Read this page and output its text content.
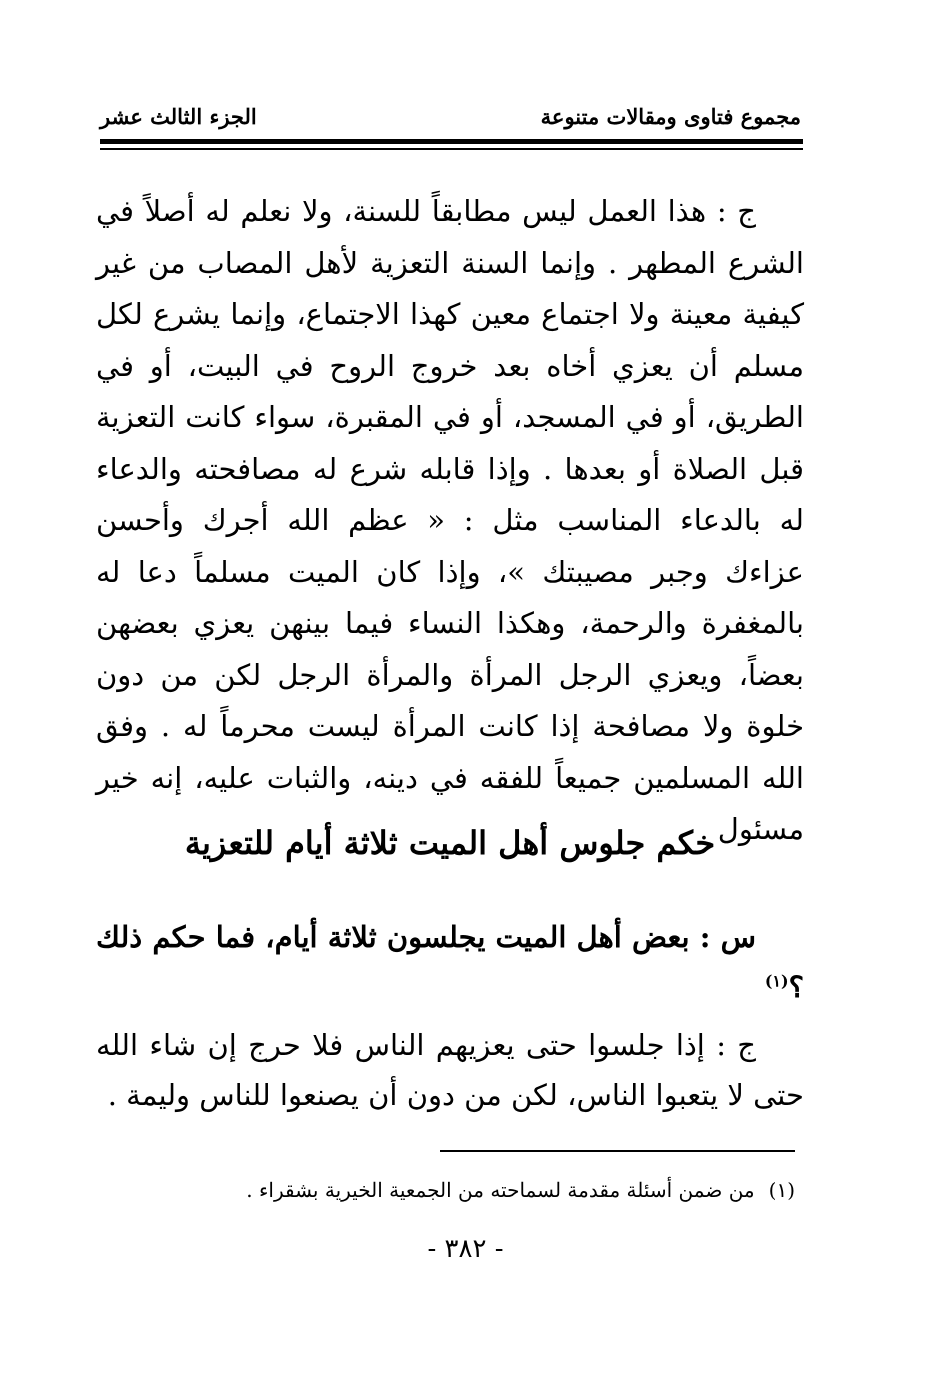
مجموع فتاوى ومقالات متنوعة
الجزء الثالث عشر
ج : هذا العمل ليس مطابقاً للسنة، ولا نعلم له أصلاً في الشرع المطهر . وإنما السنة التعزية لأهل المصاب من غير كيفية معينة ولا اجتماع معين كهذا الاجتماع، وإنما يشرع لكل مسلم أن يعزي أخاه بعد خروج الروح في البيت، أو في الطريق، أو في المسجد، أو في المقبرة، سواء كانت التعزية قبل الصلاة أو بعدها . وإذا قابله شرع له مصافحته والدعاء له بالدعاء المناسب مثل : « عظم الله أجرك وأحسن عزاءك وجبر مصيبتك »، وإذا كان الميت مسلماً دعا له بالمغفرة والرحمة، وهكذا النساء فيما بينهن يعزي بعضهن بعضاً، ويعزي الرجل المرأة والمرأة الرجل لكن من دون خلوة ولا مصافحة إذا كانت المرأة ليست محرماً له . وفق الله المسلمين جميعاً للفقه في دينه، والثبات عليه، إنه خير مسئول .
حكم جلوس أهل الميت ثلاثة أيام للتعزية
س : بعض أهل الميت يجلسون ثلاثة أيام، فما حكم ذلك ؟$^{(١)}$
ج : إذا جلسوا حتى يعزيهم الناس فلا حرج إن شاء الله حتى لا يتعبوا الناس، لكن من دون أن يصنعوا للناس وليمة .
(١)من ضمن أسئلة مقدمة لسماحته من الجمعية الخيرية بشقراء .
- ٣٨٢ -
